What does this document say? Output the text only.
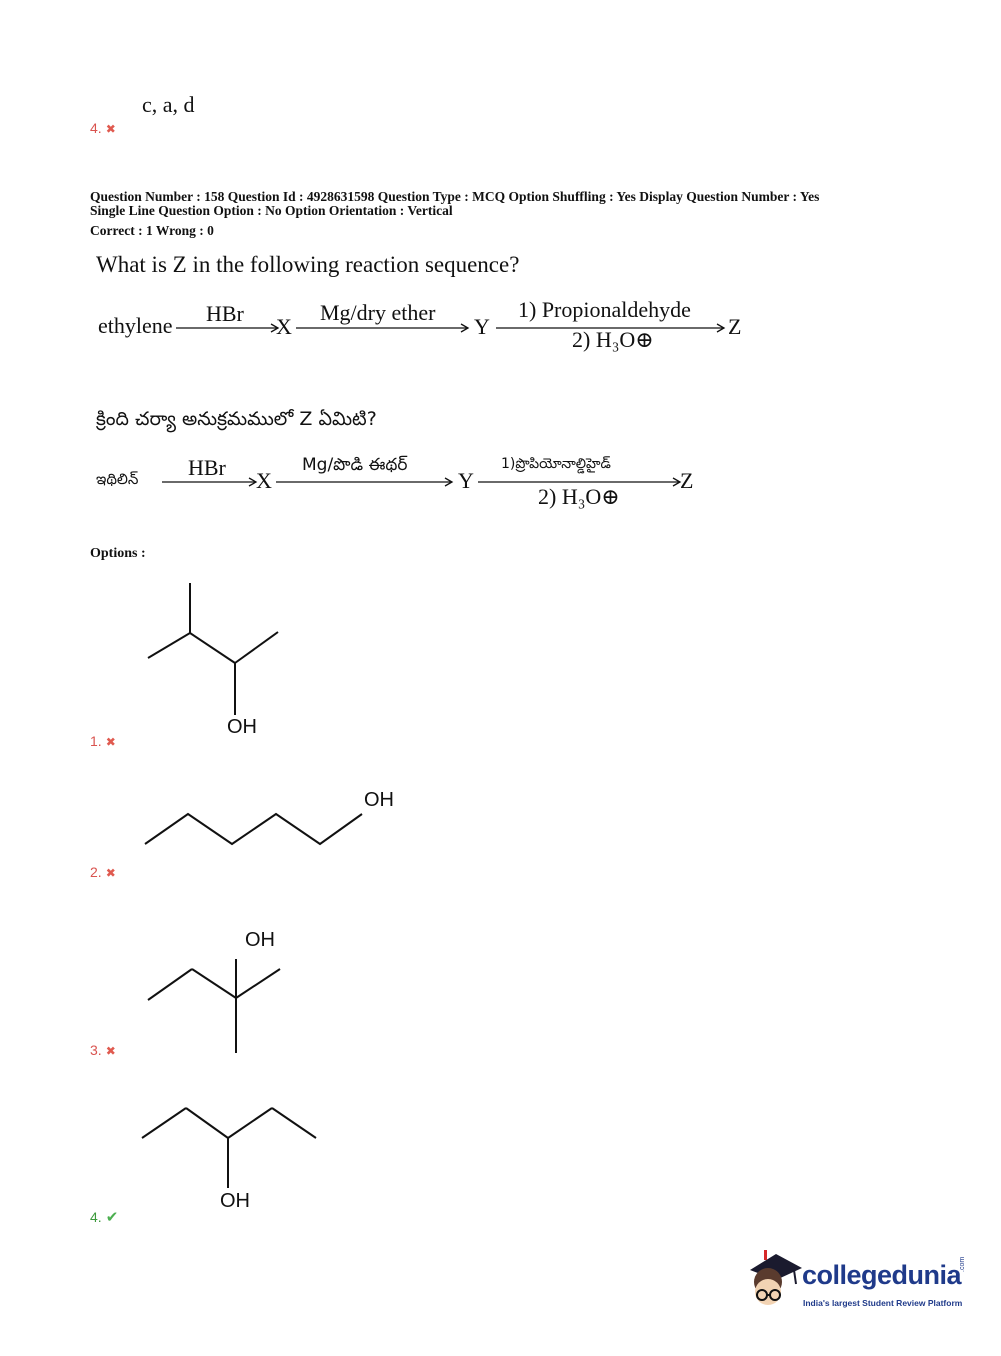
c, a, d
4. ✖
Question Number : 158 Question Id : 4928631598 Question Type : MCQ Option Shuffling : Yes Display Question Number : Yes
Single Line Question Option : No Option Orientation : Vertical
Correct : 1 Wrong : 0
What is Z in the following reaction sequence?
ethylene HBr
X
Mg/dry ether
Y
1) Propionaldehyde
2) H₃O⊕
Z
క్రింది చర్యా అనుక్రమములో Z ఏమిటి?
ఇథిలిన్ HBr
X
Mg/పొడి ఈథర్
Y
1)ప్రొపియోనాల్డిహైడ్
2) H₃O⊕
Z
Options :
OH
1. ✖
OH
2. ✖
OH
3. ✖
OH
4. ✔
collegedunia
.com
India's largest Student Review Platform
